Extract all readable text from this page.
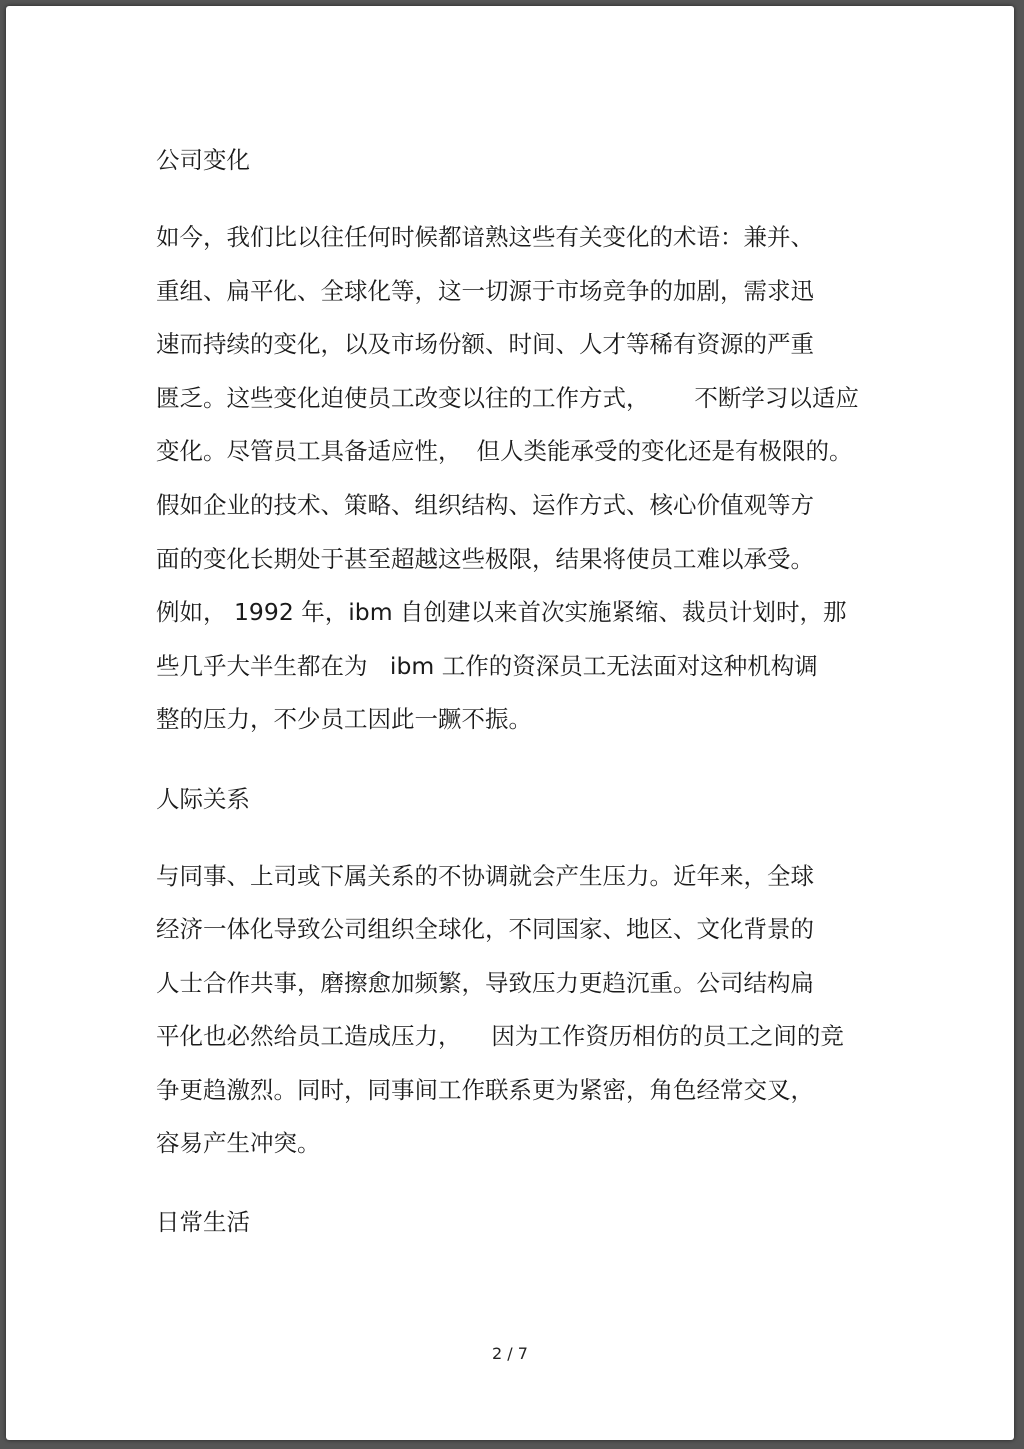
公司变化
如今，我们比以往任何时候都谙熟这些有关变化的术语：兼并、
重组、扁平化、全球化等，这一切源于市场竞争的加剧，需求迅
速而持续的变化，以及市场份额、时间、人才等稀有资源的严重
匮乏。这些变化迫使员工改变以往的工作方式，      不断学习以适应
变化。尽管员工具备适应性，  但人类能承受的变化还是有极限的。
假如企业的技术、策略、组织结构、运作方式、核心价值观等方
面的变化长期处于甚至超越这些极限，结果将使员工难以承受。
例如， 1992 年，ibm 自创建以来首次实施紧缩、裁员计划时，那
些几乎大半生都在为   ibm 工作的资深员工无法面对这种机构调
整的压力，不少员工因此一蹶不振。
人际关系
与同事、上司或下属关系的不协调就会产生压力。近年来，全球
经济一体化导致公司组织全球化，不同国家、地区、文化背景的
人士合作共事，磨擦愈加频繁，导致压力更趋沉重。公司结构扁
平化也必然给员工造成压力，    因为工作资历相仿的员工之间的竞
争更趋激烈。同时，同事间工作联系更为紧密，角色经常交叉，
容易产生冲突。
日常生活
2 / 7
